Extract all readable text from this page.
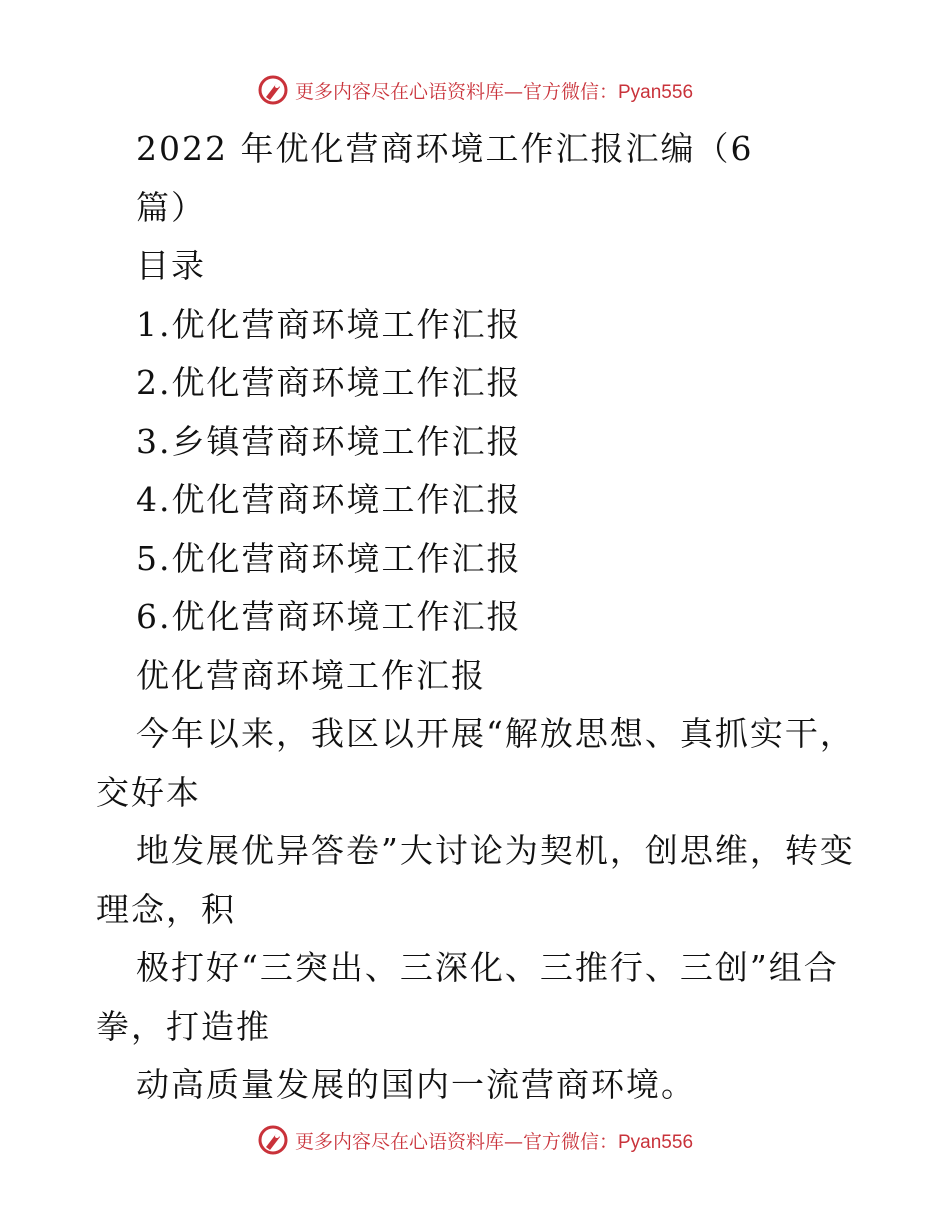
更多内容尽在心语资料库—官方微信：Pyan556
2022 年优化营商环境工作汇报汇编（6
篇）
目录
1.优化营商环境工作汇报
2.优化营商环境工作汇报
3.乡镇营商环境工作汇报
4.优化营商环境工作汇报
5.优化营商环境工作汇报
6.优化营商环境工作汇报
优化营商环境工作汇报
今年以来，我区以开展“解放思想、真抓实干，
交好本
地发展优异答卷”大讨论为契机，创思维，转变
理念，积
极打好“三突出、三深化、三推行、三创”组合
拳，打造推
动高质量发展的国内一流营商环境。
更多内容尽在心语资料库—官方微信：Pyan556
